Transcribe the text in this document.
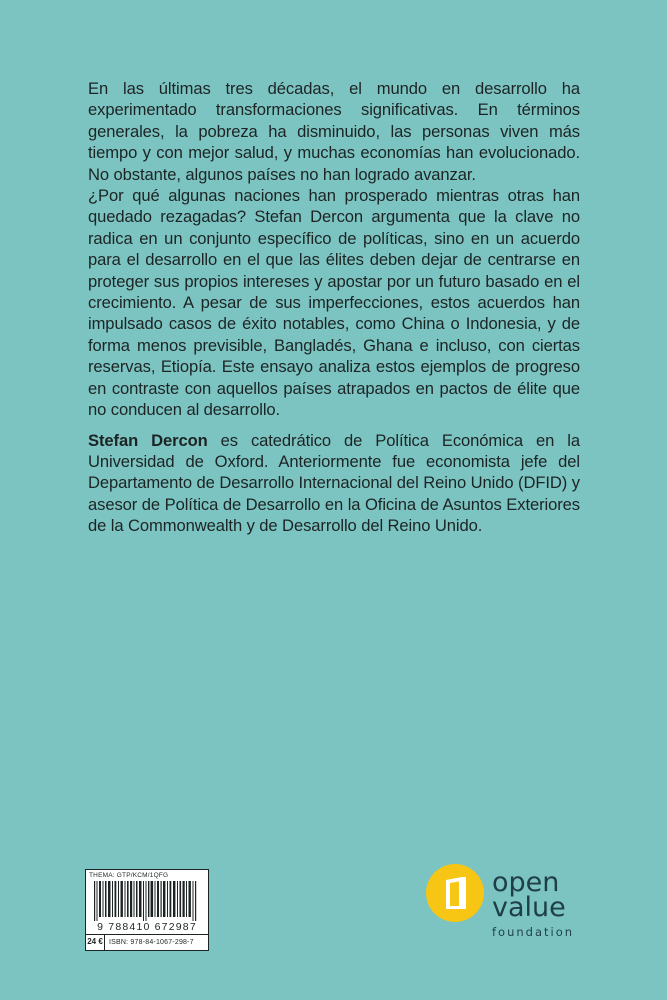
En las últimas tres décadas, el mundo en desarrollo ha experimentado transformaciones significativas. En términos generales, la pobreza ha disminuido, las personas viven más tiempo y con mejor salud, y muchas economías han evolucionado. No obstante, algunos países no han logrado avanzar.

¿Por qué algunas naciones han prosperado mientras otras han quedado rezagadas? Stefan Dercon argumenta que la clave no radica en un conjunto específico de políticas, sino en un acuerdo para el desarrollo en el que las élites deben dejar de centrarse en proteger sus propios intereses y apostar por un futuro basado en el crecimiento. A pesar de sus imperfecciones, estos acuerdos han impulsado casos de éxito notables, como China o Indonesia, y de forma menos previsible, Bangladés, Ghana e incluso, con ciertas reservas, Etiopía. Este ensayo analiza estos ejemplos de progreso en contraste con aquellos países atrapados en pactos de élite que no conducen al desarrollo.

Stefan Dercon es catedrático de Política Económica en la Universidad de Oxford. Anteriormente fue economista jefe del Departamento de Desarrollo Internacional del Reino Unido (DFID) y asesor de Política de Desarrollo en la Oficina de Asuntos Exteriores de la Commonwealth y de Desarrollo del Reino Unido.

THEMA: GTP/KCM/1QFG
9 788410 672987
24 € ISBN: 978-84-1067-298-7
open
value
foundation
